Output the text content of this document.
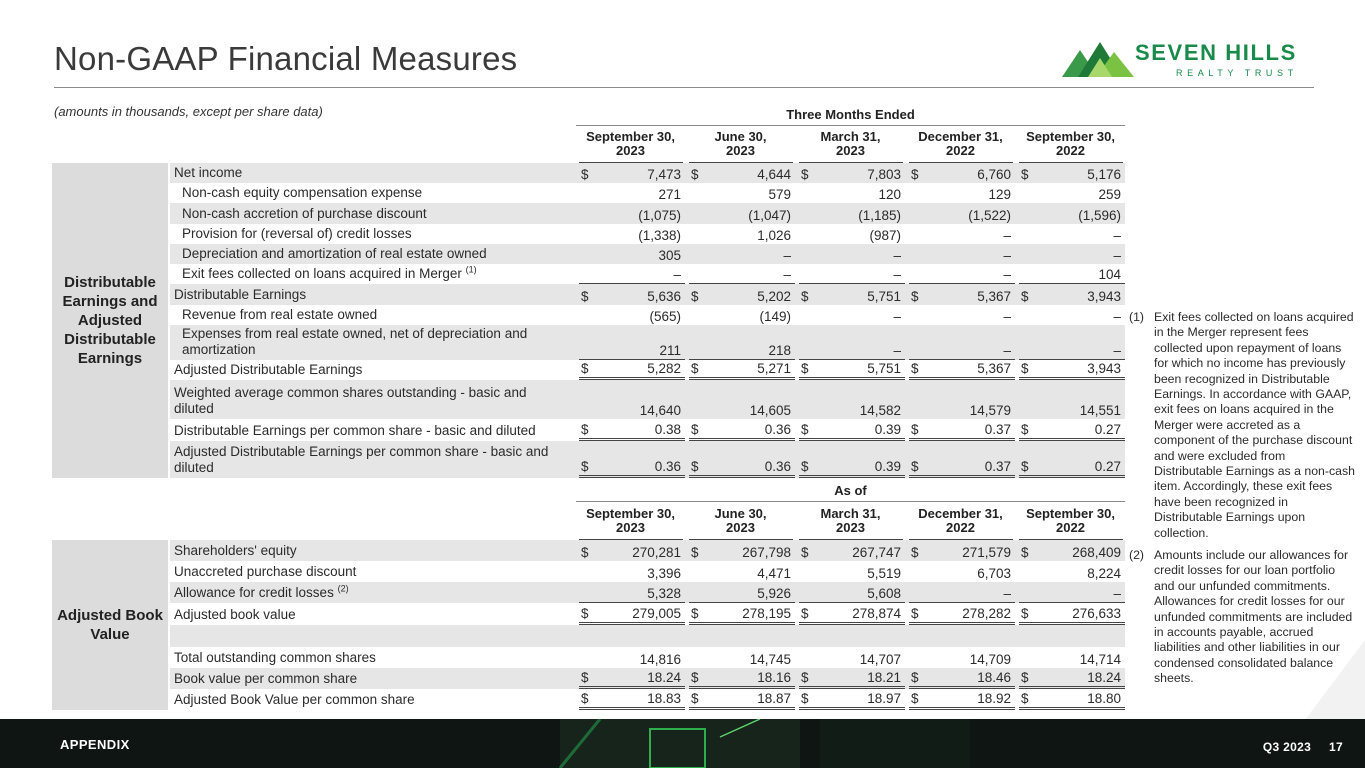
Non-GAAP Financial Measures	SEVEN HILLS
REALTY TRUST
(amounts in thousands, except per share data)	Three Months Ended
September 30,
2023
June 30,
2023
March 31,
2023
December 31,
2022
September 30,
2022
Distributable Earnings and Adjusted Distributable Earnings
Net income	$	7,473 $	4,644 $	7,803 $	6,760 $	5,176
Non-cash equity compensation expense	271	579	120	129	259
Non-cash accretion of purchase discount	(1,075)	(1,047)	(1,185)	(1,522)	(1,596)
Provision for (reversal of) credit losses	(1,338)	1,026	(987)	–	–
Depreciation and amortization of real estate owned	305	–	–	–	–
Exit fees collected on loans acquired in Merger $^{(1)}$	–	–	–	–	104
Distributable Earnings	$	5,636 $	5,202 $	5,751 $	5,367 $	3,943
Revenue from real estate owned	(565)	(149)	–	–	–
Expenses from real estate owned, net of depreciation and amortization	211	218	–	–	–
Adjusted Distributable Earnings	$	5,282 $	5,271 $	5,751 $	5,367 $	3,943
Weighted average common shares outstanding - basic and diluted	14,640	14,605	14,582	14,579	14,551
Distributable Earnings per common share - basic and diluted	$	0.38 $	0.36 $	0.39 $	0.37 $	0.27
Adjusted Distributable Earnings per common share - basic and diluted	$	0.36 $	0.36 $	0.39 $	0.37 $	0.27
As of
September 30,
2023
June 30,
2023
March 31,
2023
December 31,
2022
September 30,
2022
Adjusted Book Value
Shareholders' equity	$	270,281 $	267,798 $	267,747 $	271,579 $	268,409
Unaccreted purchase discount	3,396	4,471	5,519	6,703	8,224
Allowance for credit losses $^{(2)}$	5,328	5,926	5,608	–	–
Adjusted book value	$	279,005 $	278,195 $	278,874 $	278,282 $	276,633
Total outstanding common shares	14,816	14,745	14,707	14,709	14,714
Book value per common share	$	18.24 $	18.16 $	18.21 $	18.46 $	18.24
Adjusted Book Value per common share	$	18.83 $	18.87 $	18.97 $	18.92 $	18.80
(1) Exit fees collected on loans acquired in the Merger represent fees collected upon repayment of loans for which no income has previously been recognized in Distributable Earnings. In accordance with GAAP, exit fees on loans acquired in the Merger were accreted as a component of the purchase discount and were excluded from Distributable Earnings as a non-cash item. Accordingly, these exit fees have been recognized in Distributable Earnings upon collection.
(2) Amounts include our allowances for credit losses for our loan portfolio and our unfunded commitments. Allowances for credit losses for our unfunded commitments are included in accounts payable, accrued liabilities and other liabilities in our condensed consolidated balance sheets.
APPENDIX	Q3 2023 17
